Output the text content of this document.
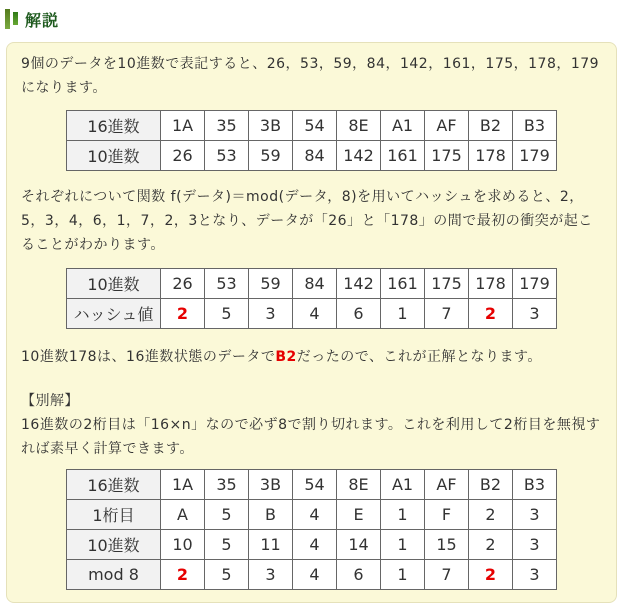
解説

9個のデータを10進数で表記すると、26，53，59，84，142，161，175，178，179になります。

16進数	1A	35	3B	54	8E	A1	AF	B2	B3
10進数	26	53	59	84	142	161	175	178	179

それぞれについて関数 f(データ)＝mod(データ，8)を用いてハッシュを求めると、2，5，3，4，6，1，7，2，3となり、データが「26」と「178」の間で最初の衝突が起こることがわかります。

10進数	26	53	59	84	142	161	175	178	179
ハッシュ値	2	5	3	4	6	1	7	2	3

10進数178は、16進数状態のデータでB2だったので、これが正解となります。

【別解】

16進数の2桁目は「16×n」なので必ず8で割り切れます。これを利用して2桁目を無視すれば素早く計算できます。

16進数	1A	35	3B	54	8E	A1	AF	B2	B3
1桁目	A	5	B	4	E	1	F	2	3
10進数	10	5	11	4	14	1	15	2	3
mod 8	2	5	3	4	6	1	7	2	3
